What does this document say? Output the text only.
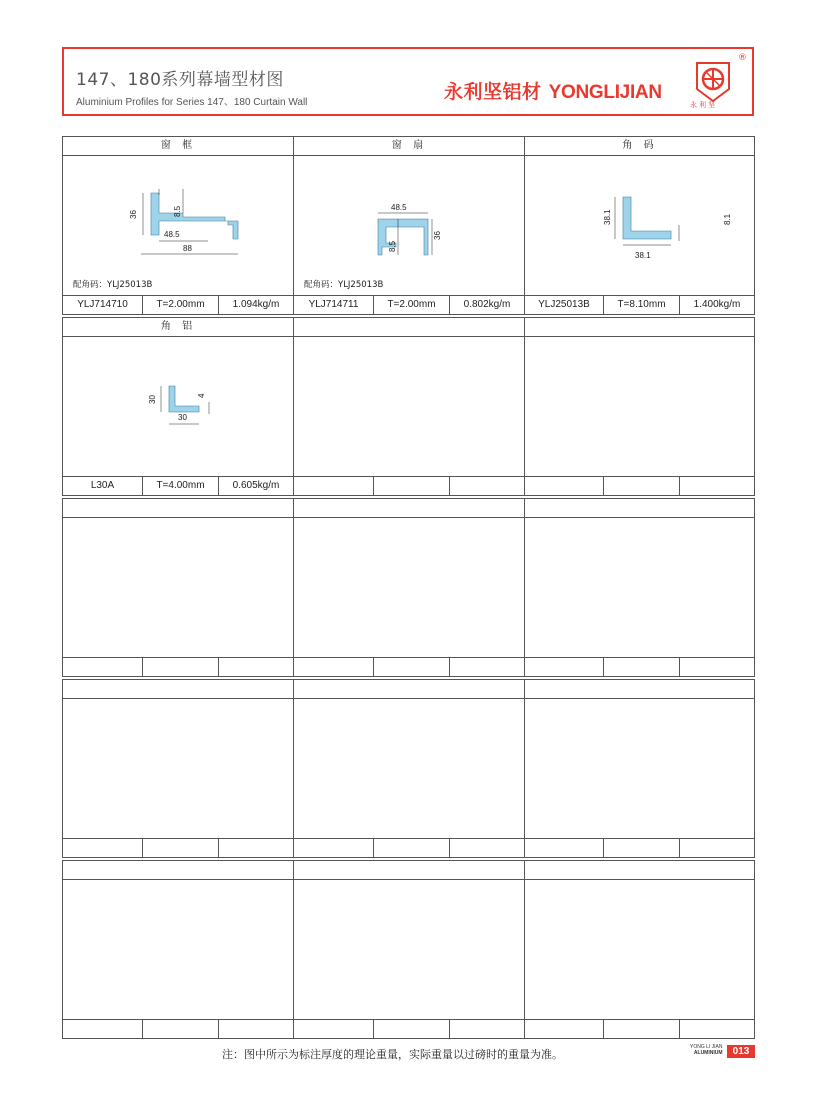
147、180系列幕墙型材图
Aluminium Profiles for Series 147、180 Curtain Wall	永利坚铝材 YONGLIJIAN
永利坚
®
窗 框	窗 扇	角 码
36	8.5
48.5
88
48.5
8.5
36
38.1	8.1
38.1
配角码：YLJ25013B	配角码：YLJ25013B
YLJ714710	T=2.00mm	1.094kg/m	YLJ714711	T=2.00mm	0.802kg/m	YLJ25013B	T=8.10mm	1.400kg/m
角 铝
30	4
30
L30A	T=4.00mm	0.605kg/m
注：图中所示为标注厚度的理论重量，实际重量以过磅时的重量为准。
YONG LI JIAN
ALUMINIUM	013
